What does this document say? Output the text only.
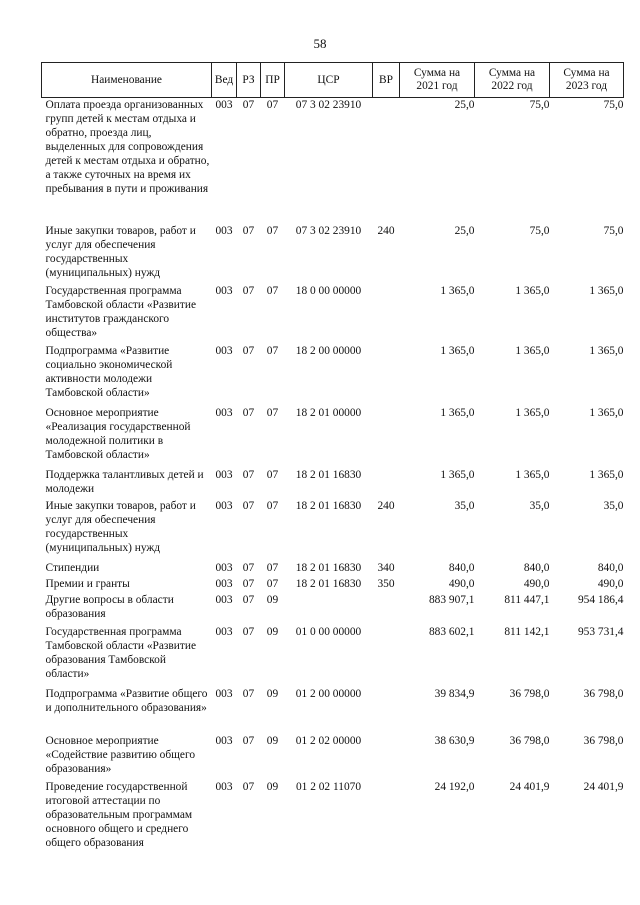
58
Наименование	Вед	РЗ	ПР	ЦСР	ВР	Сумма на 2021 год	Сумма на 2022 год	Сумма на 2023 год
Оплата проезда организованных групп детей к местам отдыха и обратно, проезда лиц, выделенных для сопровождения детей к местам отдыха и обратно, а также суточных на время их пребывания в пути и проживания	003	07	07	07 3 02 23910		25,0	75,0	75,0
Иные закупки товаров, работ и услуг для обеспечения государственных (муниципальных) нужд	003	07	07	07 3 02 23910	240	25,0	75,0	75,0
Государственная программа Тамбовской области «Развитие институтов гражданского общества»	003	07	07	18 0 00 00000		1 365,0	1 365,0	1 365,0
Подпрограмма «Развитие социально экономической активности молодежи Тамбовской области»	003	07	07	18 2 00 00000		1 365,0	1 365,0	1 365,0
Основное мероприятие «Реализация государственной молодежной политики в Тамбовской области»	003	07	07	18 2 01 00000		1 365,0	1 365,0	1 365,0
Поддержка талантливых детей и молодежи	003	07	07	18 2 01 16830		1 365,0	1 365,0	1 365,0
Иные закупки товаров, работ и услуг для обеспечения государственных (муниципальных) нужд	003	07	07	18 2 01 16830	240	35,0	35,0	35,0
Стипендии	003	07	07	18 2 01 16830	340	840,0	840,0	840,0
Премии и гранты	003	07	07	18 2 01 16830	350	490,0	490,0	490,0
Другие вопросы в области образования	003	07	09			883 907,1	811 447,1	954 186,4
Государственная программа Тамбовской области «Развитие образования Тамбовской области»	003	07	09	01 0 00 00000		883 602,1	811 142,1	953 731,4
Подпрограмма «Развитие общего и дополнительного образования»	003	07	09	01 2 00 00000		39 834,9	36 798,0	36 798,0
Основное мероприятие «Содействие развитию общего образования»	003	07	09	01 2 02 00000		38 630,9	36 798,0	36 798,0
Проведение государственной итоговой аттестации по образовательным программам основного общего и среднего общего образования	003	07	09	01 2 02 11070		24 192,0	24 401,9	24 401,9
